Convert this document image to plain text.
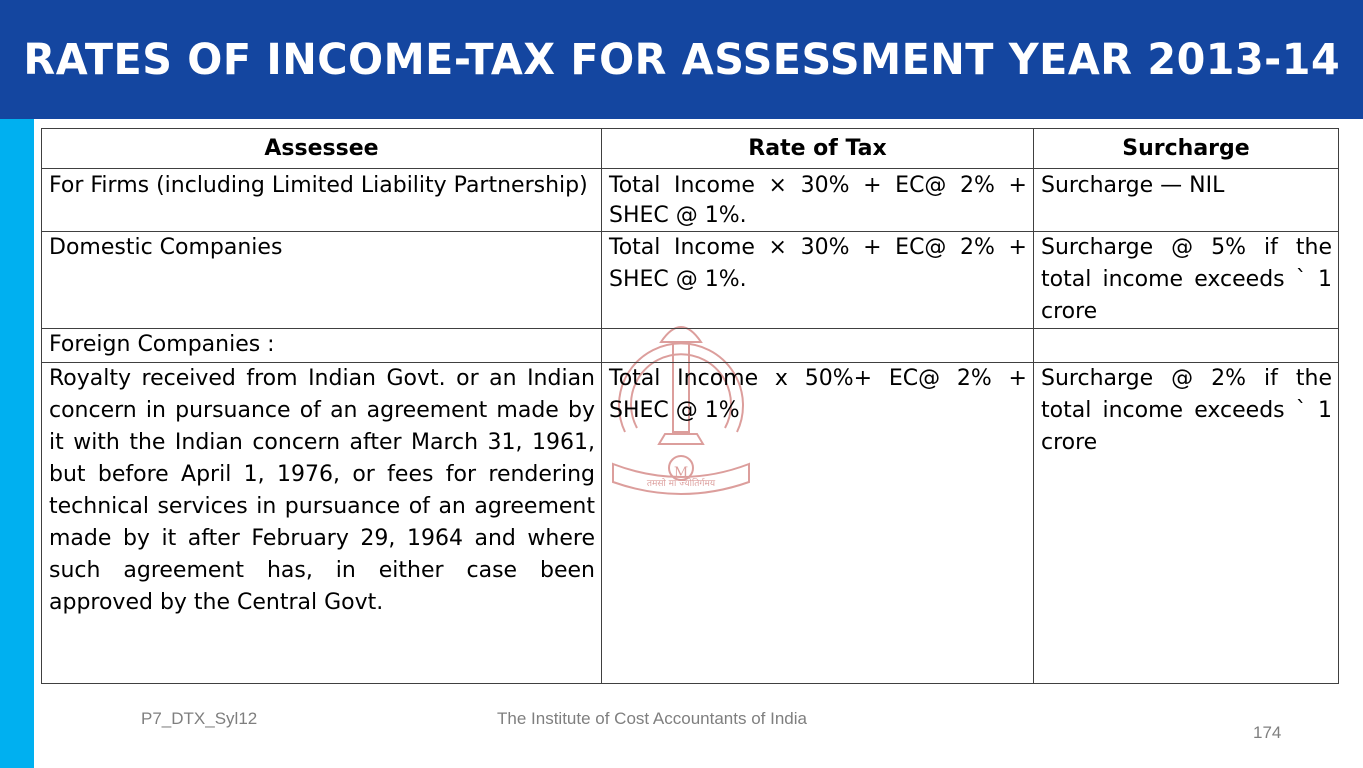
RATES OF INCOME-TAX FOR ASSESSMENT YEAR 2013-14
M
तमसो मा ज्योतिर्गमय
Assessee	Rate of Tax	Surcharge
For Firms (including Limited Liability Partnership)	Total Income × 30% + EC@ 2% + SHEC @ 1%.	Surcharge — NIL
Domestic Companies	Total Income × 30% + EC@ 2% + SHEC @ 1%.	Surcharge @ 5% if the total income exceeds ` 1 crore
Foreign Companies :		
Royalty received from Indian Govt. or an Indian concern in pursuance of an agreement made by it with the Indian concern after March 31, 1961, but before April 1, 1976, or fees for rendering technical services in pursuance of an agreement made by it after February 29, 1964 and where such agreement has, in either case been approved by the Central Govt.	Total Income x 50%+ EC@ 2% + SHEC @ 1%	Surcharge @ 2% if the total income exceeds ` 1 crore
P7_DTX_Syl12	The Institute of Cost Accountants of India
174
